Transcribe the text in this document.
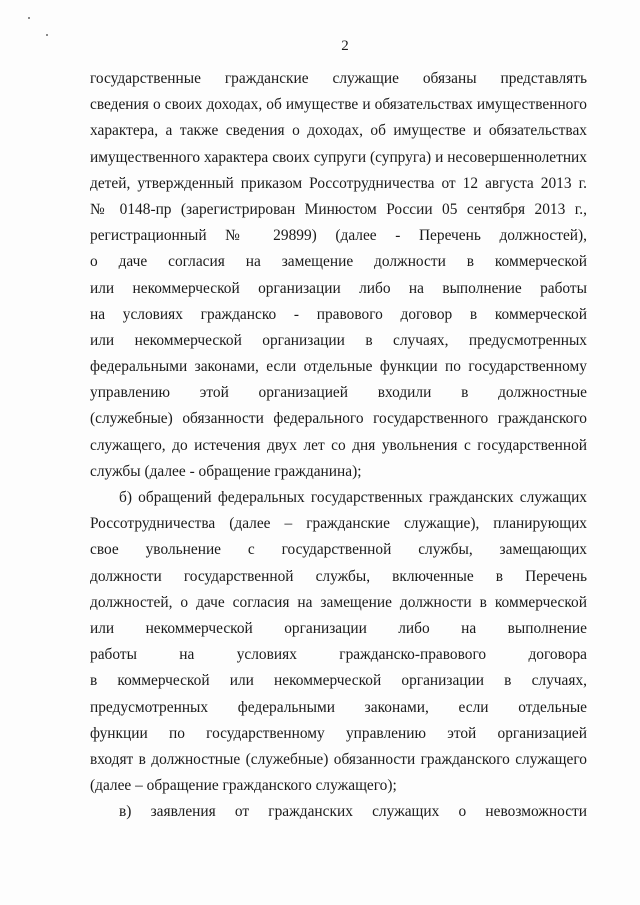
2
государственные гражданские служащие обязаны представлять
сведения о своих доходах, об имуществе и обязательствах имущественного
характера, а также сведения о доходах, об имуществе и обязательствах
имущественного характера своих супруги (супруга) и несовершеннолетних
детей, утвержденный приказом Россотрудничества от 12 августа 2013 г.
№ 0148-пр (зарегистрирован Минюстом России 05 сентября 2013 г.,
регистрационный № 29899) (далее - Перечень должностей),
о даче согласия на замещение должности в коммерческой
или некоммерческой организации либо на выполнение работы
на условиях гражданско - правового договор в коммерческой
или некоммерческой организации в случаях, предусмотренных
федеральными законами, если отдельные функции по государственному
управлению этой организацией входили в должностные
(служебные) обязанности федерального государственного гражданского
служащего, до истечения двух лет со дня увольнения с государственной
службы (далее - обращение гражданина);
б) обращений федеральных государственных гражданских служащих
Россотрудничества (далее – гражданские служащие), планирующих
свое увольнение с государственной службы, замещающих
должности государственной службы, включенные в Перечень
должностей, о даче согласия на замещение должности в коммерческой
или некоммерческой организации либо на выполнение
работы на условиях гражданско-правового договора
в коммерческой или некоммерческой организации в случаях,
предусмотренных федеральными законами, если отдельные
функции по государственному управлению этой организацией
входят в должностные (служебные) обязанности гражданского служащего
(далее – обращение гражданского служащего);
в) заявления от гражданских служащих о невозможности
